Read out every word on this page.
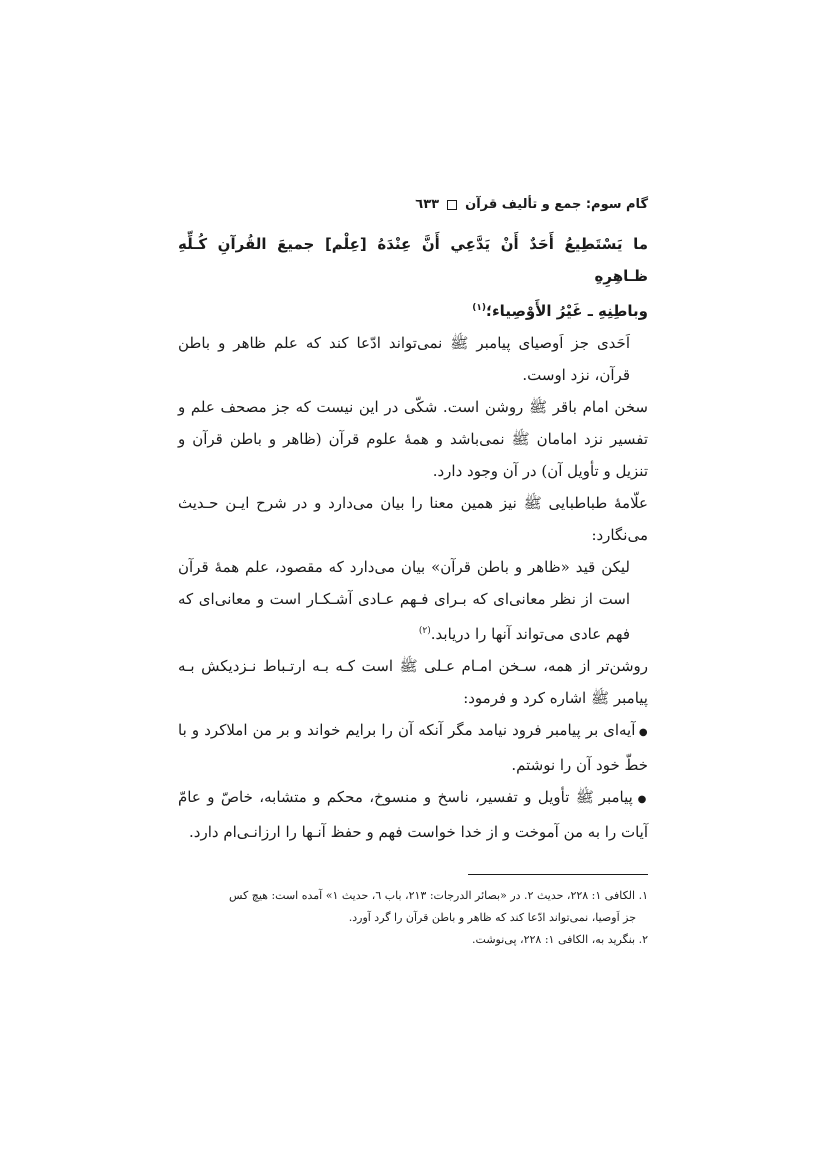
گام سوم: جمع و تألیف قرآن
٦٣٣
ما يَسْتَطِيعُ أَحَدٌ أَنْ يَدَّعِي أَنَّ عِنْدَهُ [عِلْم] جميعَ القُرآنِ كُـلِّهِ ظـاهِرِهِ
وباطِنِهِ ـ غَيْرُ الأَوْصِياء؛$^{(١)}$

اَحَدی جز اَوصیای پیامبر ﷺ نمی‌تواند ادّعا کند که علم ظاهر و باطن قرآن، نزد اوست.

سخن امام باقر ﷺ روشن است. شکّی در این نیست که جز مصحف علم و تفسیر نزد امامان ﷺ نمی‌باشد و همهٔ علوم قرآن (ظاهر و باطن قرآن و تنزیل و تأویل آن) در آن وجود دارد.

علّامهٔ طباطبایی ﷺ نیز همین معنا را بیان می‌دارد و در شرح ایـن حـدیث می‌نگارد:

لیکن قید «ظاهر و باطن قرآن» بیان می‌دارد که مقصود، علم همهٔ قرآن است از نظر معانی‌ای که بـرای فـهم عـادی آشـکـار است و معانی‌ای که فهم عادی می‌تواند آنها را دریابد.$^{(٢)}$

روشن‌تر از همه، سـخن امـام عـلی ﷺ است کـه بـه ارتـباط نـزدیکش بـه پیامبر ﷺ اشاره کرد و فرمود:

● آیه‌ای بر پیامبر فرود نیامد مگر آنکه آن را برایم خواند و بر من املاکرد و با خطّ خود آن را نوشتم.

● پیامبر ﷺ تأویل و تفسیر، ناسخ و منسوخ، محکم و متشابه، خاصّ و عامّ آیات را به من آموخت و از خدا خواست فهم و حفظ آنـها را ارزانـی‌ام دارد.

١. الکافی ١: ٢٢٨، حدیث ٢. در «بصائر الدرجات: ٢١٣، باب ٦، حدیث ١» آمده است: هیچ کس
جز اَوصیا، نمی‌تواند ادّعا کند که ظاهر و باطن قرآن را گرد آورد.
٢. بنگرید به، الکافی ١: ٢٢٨، پی‌نوشت.
